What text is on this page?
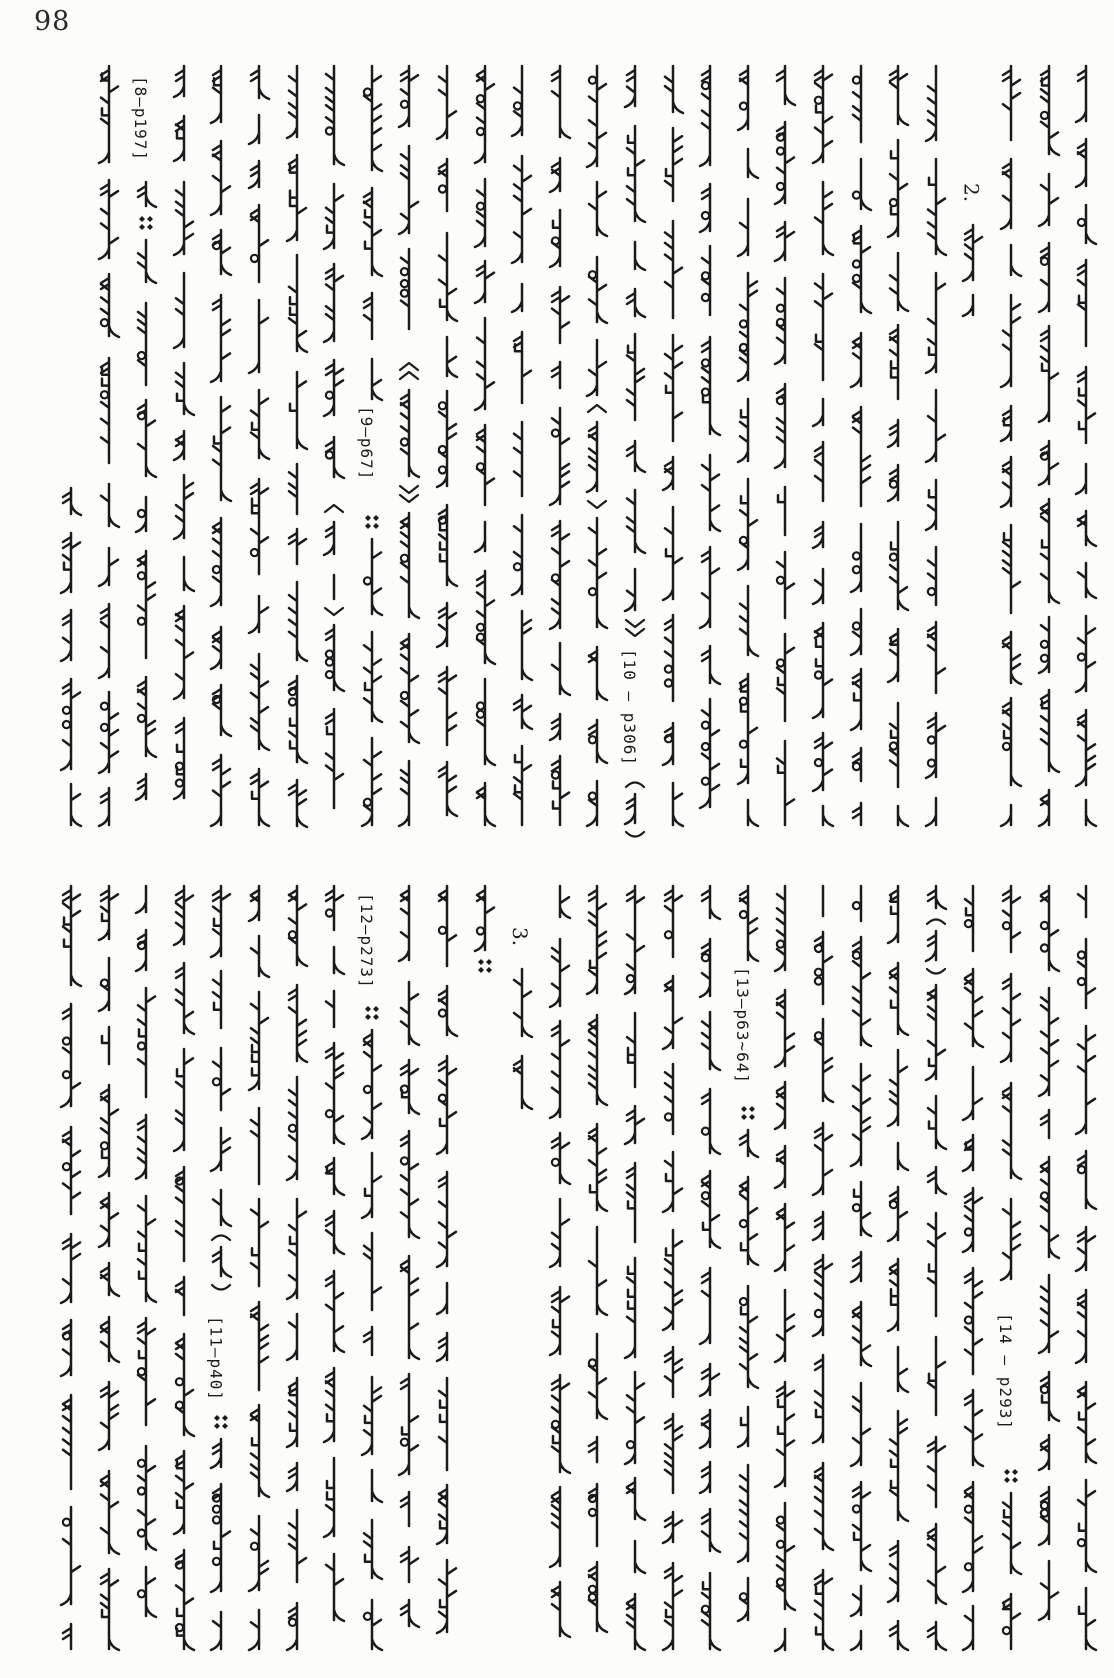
98
[8—p197]
[9—p67]
[10 — p306]
2.
[11—p40]
[12—p273]	3.
[13—p63~64]
[14 — p293]
